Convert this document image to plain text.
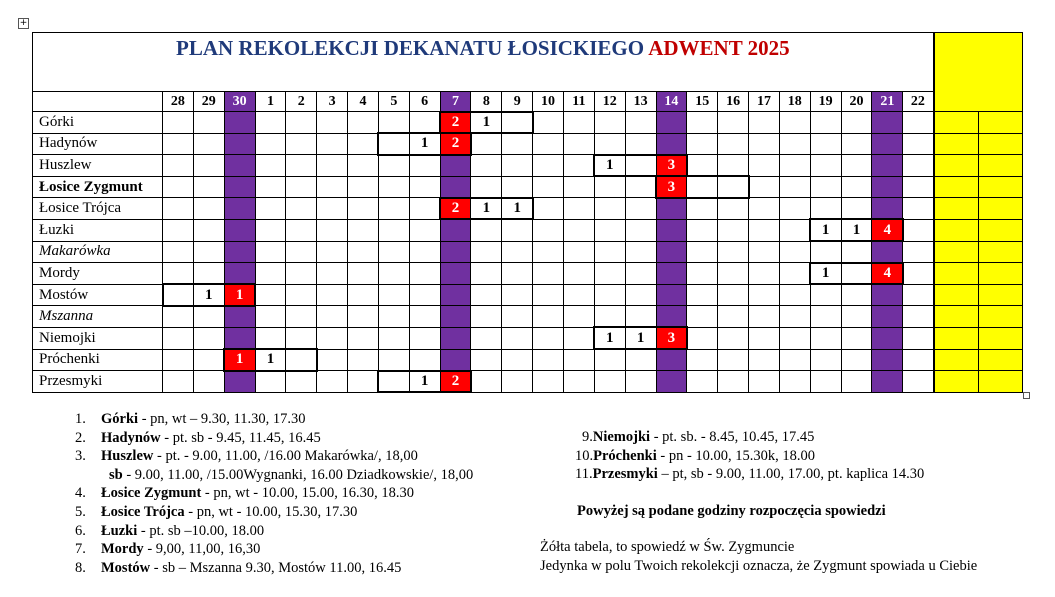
+
PLAN REKOLEKCJI DEKANATU ŁOSICKIEGO ADWENT 2025																											
	28	29	30	1	2	3	4	5	6	7	8	9	10	11	12	13	14	15	16	17	18	19	20	21	22		
Górki										2	1																
Hadynów									1	2																	
Huszlew															1		3										
Łosice Zygmunt																	3										
Łosice Trójca										2	1	1															
Łuzki																						1	1	4			
Makarówka																											
Mordy																						1		4			
Mostów		1	1																								
Mszanna																											
Niemojki															1	1	3										
Próchenki			1	1																							
Przesmyki									1	2																	
1. Górki - pn, wt – 9.30, 11.30, 17.30
2. Hadynów - pt. sb - 9.45, 11.45, 16.45
3. Huszlew - pt. - 9.00, 11.00, /16.00 Makarówka/, 18,00
sb - 9.00, 11.00, /15.00Wygnanki, 16.00 Dziadkowskie/, 18,00
4. Łosice Zygmunt - pn, wt - 10.00, 15.00, 16.30, 18.30
5. Łosice Trójca - pn, wt - 10.00, 15.30, 17.30
6. Łuzki - pt. sb –10.00, 18.00
7. Mordy - 9,00, 11,00, 16,30
8. Mostów - sb – Mszanna 9.30, Mostów 11.00, 16.45
9.Niemojki - pt. sb. - 8.45, 10.45, 17.45
10.Próchenki - pn - 10.00, 15.30k, 18.00
11.Przesmyki – pt, sb - 9.00, 11.00, 17.00, pt. kaplica 14.30
Powyżej są podane godziny rozpoczęcia spowiedzi
Żółta tabela, to spowiedź w Św. Zygmuncie
Jedynka w polu Twoich rekolekcji oznacza, że Zygmunt spowiada u Ciebie
